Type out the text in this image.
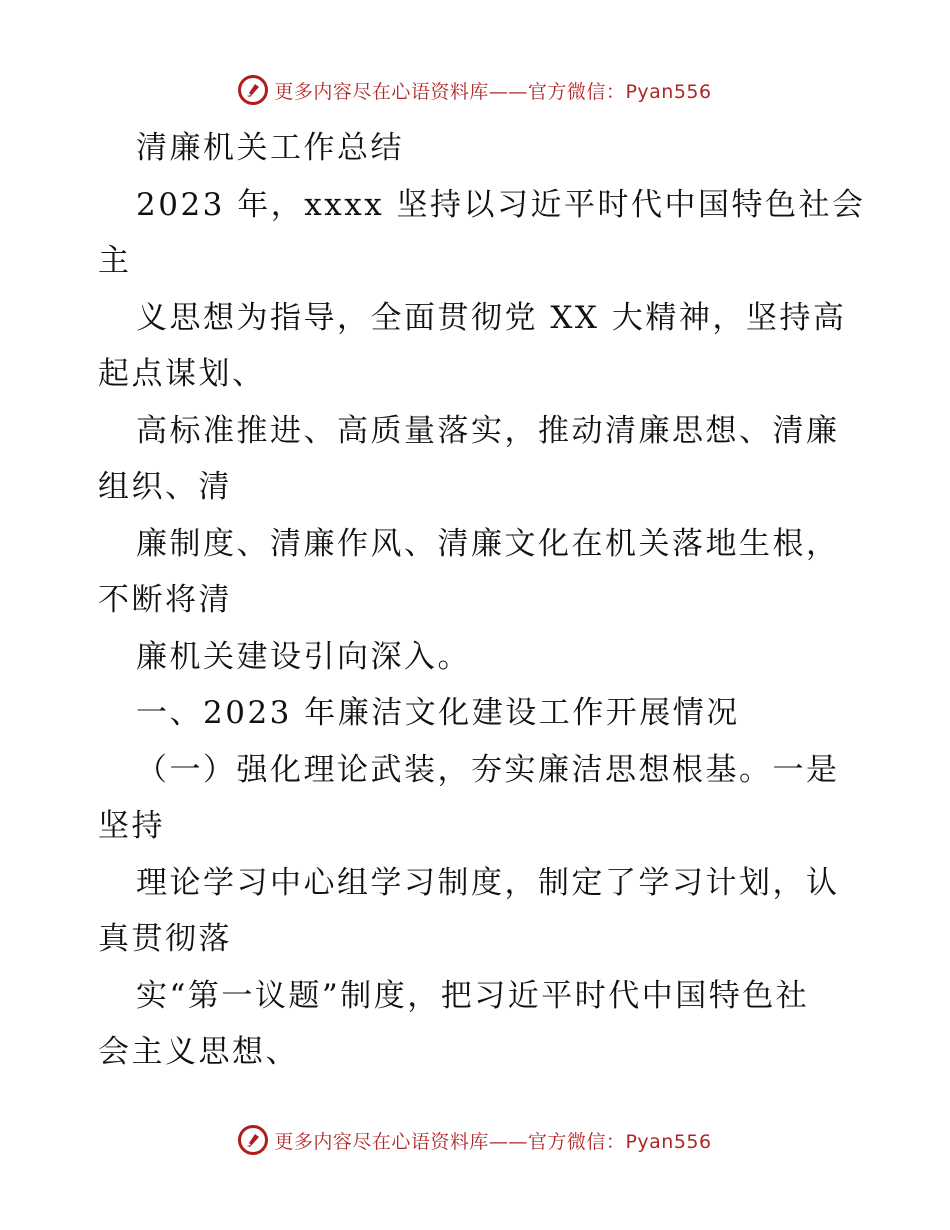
更多内容尽在心语资料库——官方微信：Pyan556
清廉机关工作总结
2023 年，xxxx 坚持以习近平时代中国特色社会
主
义思想为指导，全面贯彻党 XX 大精神，坚持高
起点谋划、
高标准推进、高质量落实，推动清廉思想、清廉
组织、清
廉制度、清廉作风、清廉文化在机关落地生根，
不断将清
廉机关建设引向深入。
一、2023 年廉洁文化建设工作开展情况
（一）强化理论武装，夯实廉洁思想根基。一是
坚持
理论学习中心组学习制度，制定了学习计划，认
真贯彻落
实“第一议题”制度，把习近平时代中国特色社
会主义思想、
更多内容尽在心语资料库——官方微信：Pyan556
